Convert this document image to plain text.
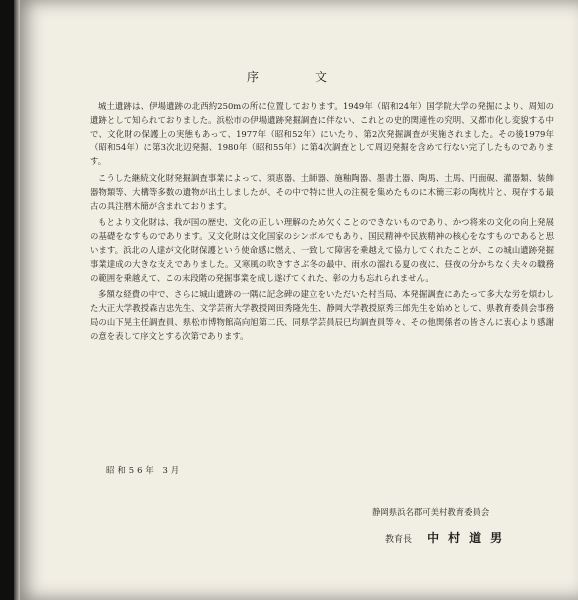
序　文

城土遺跡は、伊場遺跡の北西約250mの所に位置しております。1949年（昭和24年）国学院大学の発掘により、周知の遺跡として知られておりました。浜松市の伊場遺跡発掘調査に伴ない、これとの史的関連性の究明、又都市化し変貌する中で、文化財の保護上の実態もあって、1977年（昭和52年）にいたり、第2次発掘調査が実施されました。その後1979年（昭和54年）に第3次北辺発掘、1980年（昭和55年）に第4次調査として周辺発掘を含めて行ない完了したものであります。

こうした継続文化財発掘調査事業によって、須恵器、土師器、施釉陶器、墨書土器、陶馬、土馬、円面硯、灌器類、装飾器物類等、大構等多数の遺物が出土しましたが、その中で特に世人の注視を集めたものに木簡三彩の陶枕片と、現存する最古の具注暦木簡が含まれております。

もとより文化財は、我が国の歴史、文化の正しい理解のため欠くことのできないものであり、かつ将来の文化の向上発展の基礎をなすものであります。又文化財は文化国家のシンボルでもあり、国民精神や民族精神の核心をなすものであると思います。浜北の人達が文化財保護という使命感に燃え、一致して障害を乗越えて協力してくれたことが、この城山遺跡発掘事業達成の大きな支えでありました。又寒風の吹きすさぶ冬の最中、雨水の溜れる夏の夜に、昼夜の分かちなく夫々の職務の範囲を乗越えて、この末段階の発掘事業を成し遂げてくれた、彰の力も忘れられません。

多額な経費の中で、さらに城山遺跡の一隅に記念碑の建立をいただいた村当局、本発掘調査にあたって多大な労を煩わした大正大学教授森吉忠先生、文学芸術大学教授岡田秀隆先生、静岡大学教授原秀三郎先生を始めとして、県教育委員会事務局の山下晃主任調査員、県松市博物館高向旭第二氏、同県学芸員辰巳均調査員等々、その他関係者の皆さんに衷心より感謝の意を表して序文とする次第であります。

昭和56年 3月
静岡県浜名郡可美村教育委員会
教育長 中村道男
